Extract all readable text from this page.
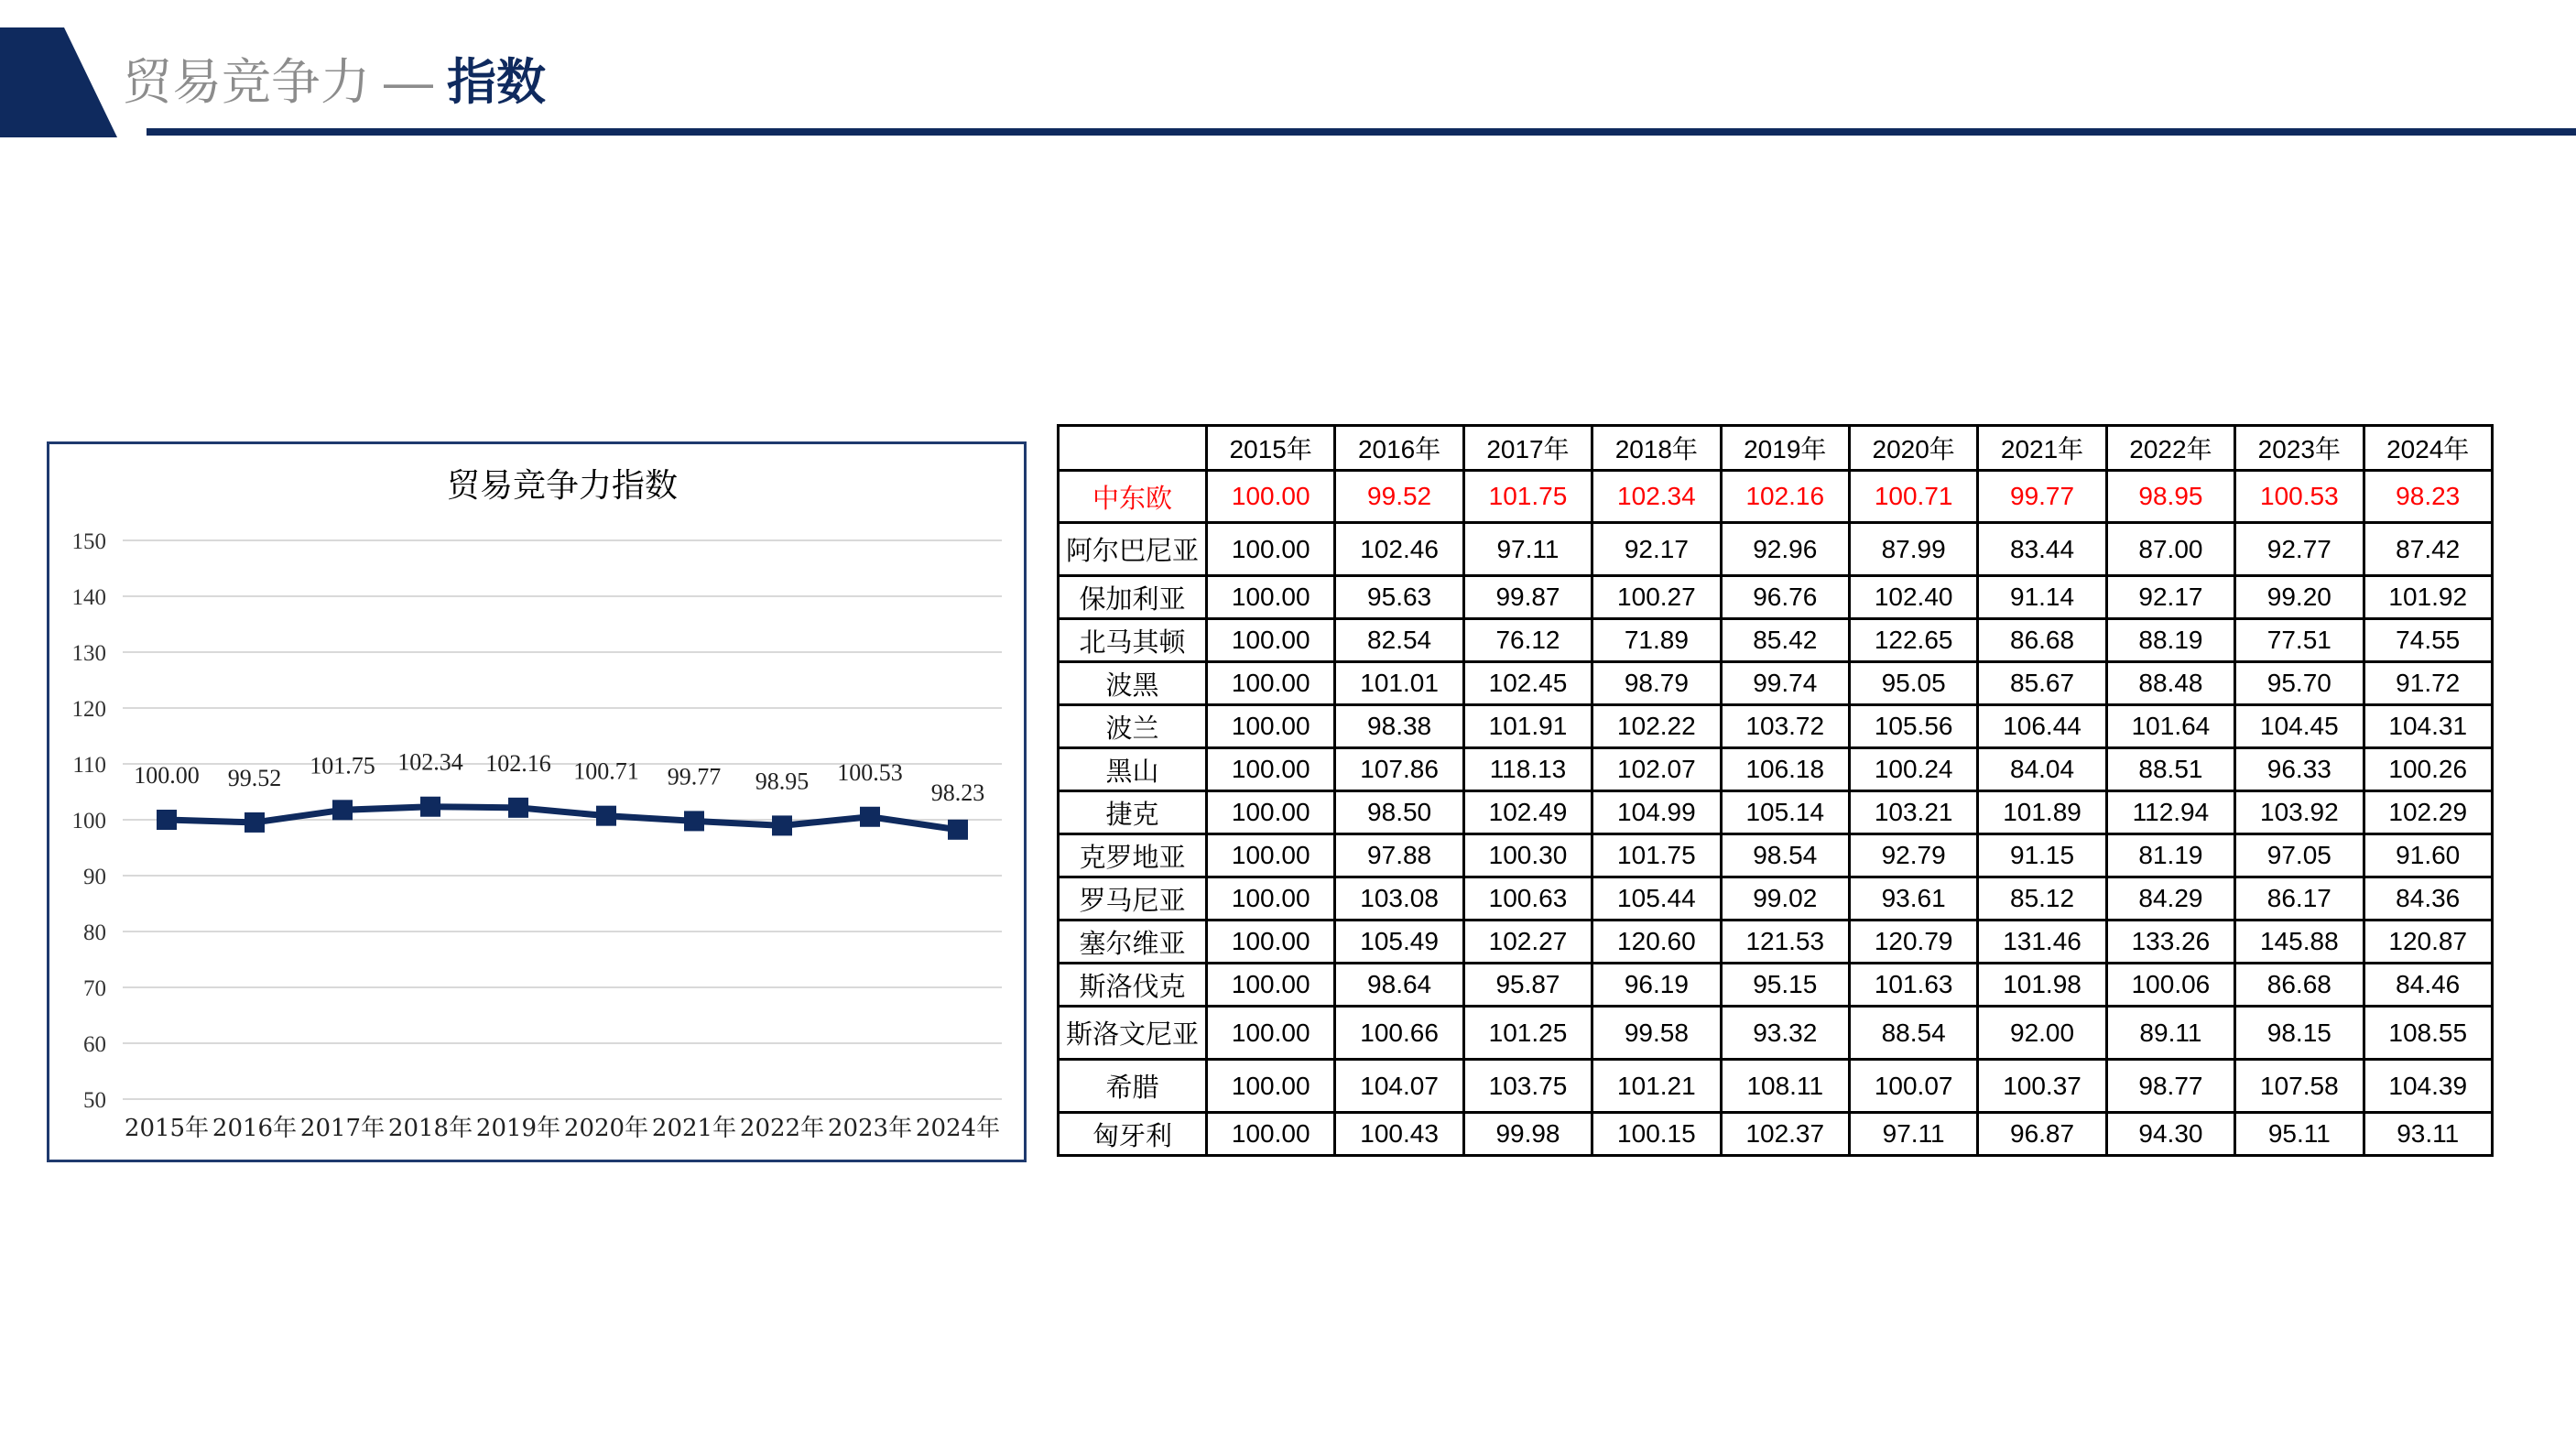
贸易竞争力 — 指数
贸易竞争力指数
150
140
130
120
110
100
90
80
70
60
50
2015年 2016年 2017年 2018年 2019年 2020年 2021年 2022年 2023年 2024年
100.00 99.52 101.75 102.34 102.16 100.71 99.77 98.95 100.53
98.23
	2015年	2016年	2017年	2018年	2019年	2020年	2021年	2022年	2023年	2024年
中东欧	100.00	99.52	101.75	102.34	102.16	100.71	99.77	98.95	100.53	98.23
阿尔巴尼亚	100.00	102.46	97.11	92.17	92.96	87.99	83.44	87.00	92.77	87.42
保加利亚	100.00	95.63	99.87	100.27	96.76	102.40	91.14	92.17	99.20	101.92
北马其顿	100.00	82.54	76.12	71.89	85.42	122.65	86.68	88.19	77.51	74.55
波黑	100.00	101.01	102.45	98.79	99.74	95.05	85.67	88.48	95.70	91.72
波兰	100.00	98.38	101.91	102.22	103.72	105.56	106.44	101.64	104.45	104.31
黑山	100.00	107.86	118.13	102.07	106.18	100.24	84.04	88.51	96.33	100.26
捷克	100.00	98.50	102.49	104.99	105.14	103.21	101.89	112.94	103.92	102.29
克罗地亚	100.00	97.88	100.30	101.75	98.54	92.79	91.15	81.19	97.05	91.60
罗马尼亚	100.00	103.08	100.63	105.44	99.02	93.61	85.12	84.29	86.17	84.36
塞尔维亚	100.00	105.49	102.27	120.60	121.53	120.79	131.46	133.26	145.88	120.87
斯洛伐克	100.00	98.64	95.87	96.19	95.15	101.63	101.98	100.06	86.68	84.46
斯洛文尼亚	100.00	100.66	101.25	99.58	93.32	88.54	92.00	89.11	98.15	108.55
希腊	100.00	104.07	103.75	101.21	108.11	100.07	100.37	98.77	107.58	104.39
匈牙利	100.00	100.43	99.98	100.15	102.37	97.11	96.87	94.30	95.11	93.11
